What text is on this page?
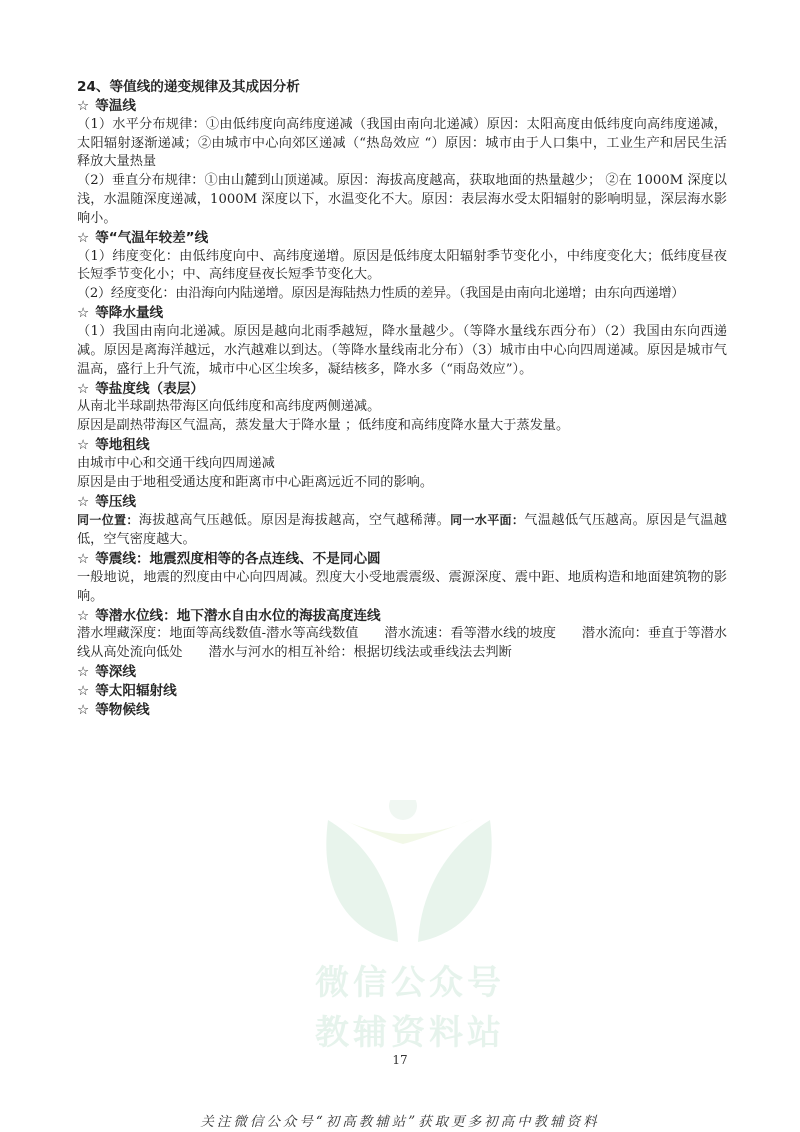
微信公众号
教辅资料站
24、等值线的递变规律及其成因分析
☆ 等温线
（1）水平分布规律：①由低纬度向高纬度递减（我国由南向北递减）原因：太阳高度由低纬度向高纬度递减，太阳辐射逐渐递减；②由城市中心向郊区递减（“热岛效应 “）原因：城市由于人口集中，工业生产和居民生活释放大量热量
（2）垂直分布规律：①由山麓到山顶递减。原因：海拔高度越高，获取地面的热量越少； ②在 1000M 深度以浅，水温随深度递减，1000M 深度以下，水温变化不大。原因：表层海水受太阳辐射的影响明显，深层海水影响小。
☆ 等“气温年较差”线
（1）纬度变化：由低纬度向中、高纬度递增。原因是低纬度太阳辐射季节变化小，中纬度变化大；低纬度昼夜长短季节变化小；中、高纬度昼夜长短季节变化大。
（2）经度变化：由沿海向内陆递增。原因是海陆热力性质的差异。（我国是由南向北递增；由东向西递增）
☆ 等降水量线
（1）我国由南向北递减。原因是越向北雨季越短，降水量越少。（等降水量线东西分布）（2）我国由东向西递减。原因是离海洋越远，水汽越难以到达。（等降水量线南北分布）（3）城市由中心向四周递减。原因是城市气温高，盛行上升气流，城市中心区尘埃多，凝结核多，降水多（“雨岛效应”）。
☆ 等盐度线（表层）
从南北半球副热带海区向低纬度和高纬度两侧递减。
原因是副热带海区气温高，蒸发量大于降水量 ；低纬度和高纬度降水量大于蒸发量。
☆ 等地租线
由城市中心和交通干线向四周递减
原因是由于地租受通达度和距离市中心距离远近不同的影响。
☆ 等压线
同一位置：海拔越高气压越低。原因是海拔越高，空气越稀薄。同一水平面：气温越低气压越高。原因是气温越低，空气密度越大。
☆ 等震线：地震烈度相等的各点连线、不是同心圆
一般地说，地震的烈度由中心向四周减。烈度大小受地震震级、震源深度、震中距、地质构造和地面建筑物的影响。
☆ 等潜水位线：地下潜水自由水位的海拔高度连线
潜水埋藏深度：地面等高线数值-潜水等高线数值 潜水流速：看等潜水线的坡度 潜水流向：垂直于等潜水线从高处流向低处 潜水与河水的相互补给：根据切线法或垂线法去判断
☆ 等深线
☆ 等太阳辐射线
☆ 等物候线
17
关注微信公众号“初高教辅站”获取更多初高中教辅资料
